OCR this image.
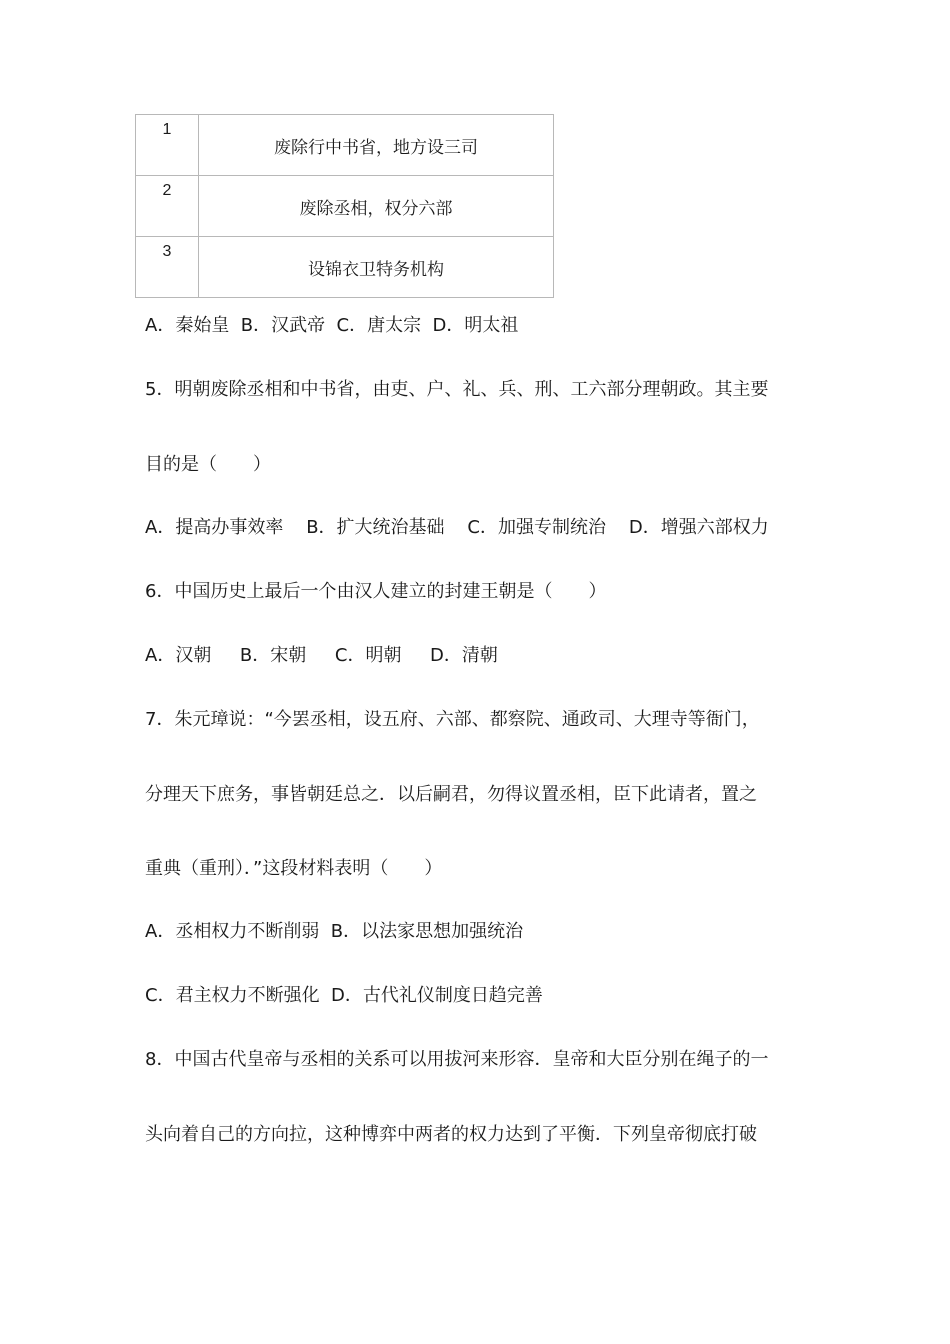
1	废除行中书省，地方设三司

2	废除丞相，权分六部

3	设锦衣卫特务机构
A．秦始皇  B．汉武帝  C．唐太宗  D．明太祖
5．明朝废除丞相和中书省，由吏、户、礼、兵、刑、工六部分理朝政。其主要
目的是（　　）
A．提高办事效率    B．扩大统治基础    C．加强专制统治    D．增强六部权力
6．中国历史上最后一个由汉人建立的封建王朝是（　　）
A．汉朝     B．宋朝     C．明朝     D．清朝
7．朱元璋说：“今罢丞相，设五府、六部、都察院、通政司、大理寺等衙门，
分理天下庶务，事皆朝廷总之．以后嗣君，勿得议置丞相，臣下此请者，置之
重典（重刑）．”这段材料表明（　　）
A．丞相权力不断削弱  B．以法家思想加强统治
C．君主权力不断强化  D．古代礼仪制度日趋完善
8．中国古代皇帝与丞相的关系可以用拔河来形容．皇帝和大臣分别在绳子的一
头向着自己的方向拉，这种博弈中两者的权力达到了平衡．下列皇帝彻底打破
